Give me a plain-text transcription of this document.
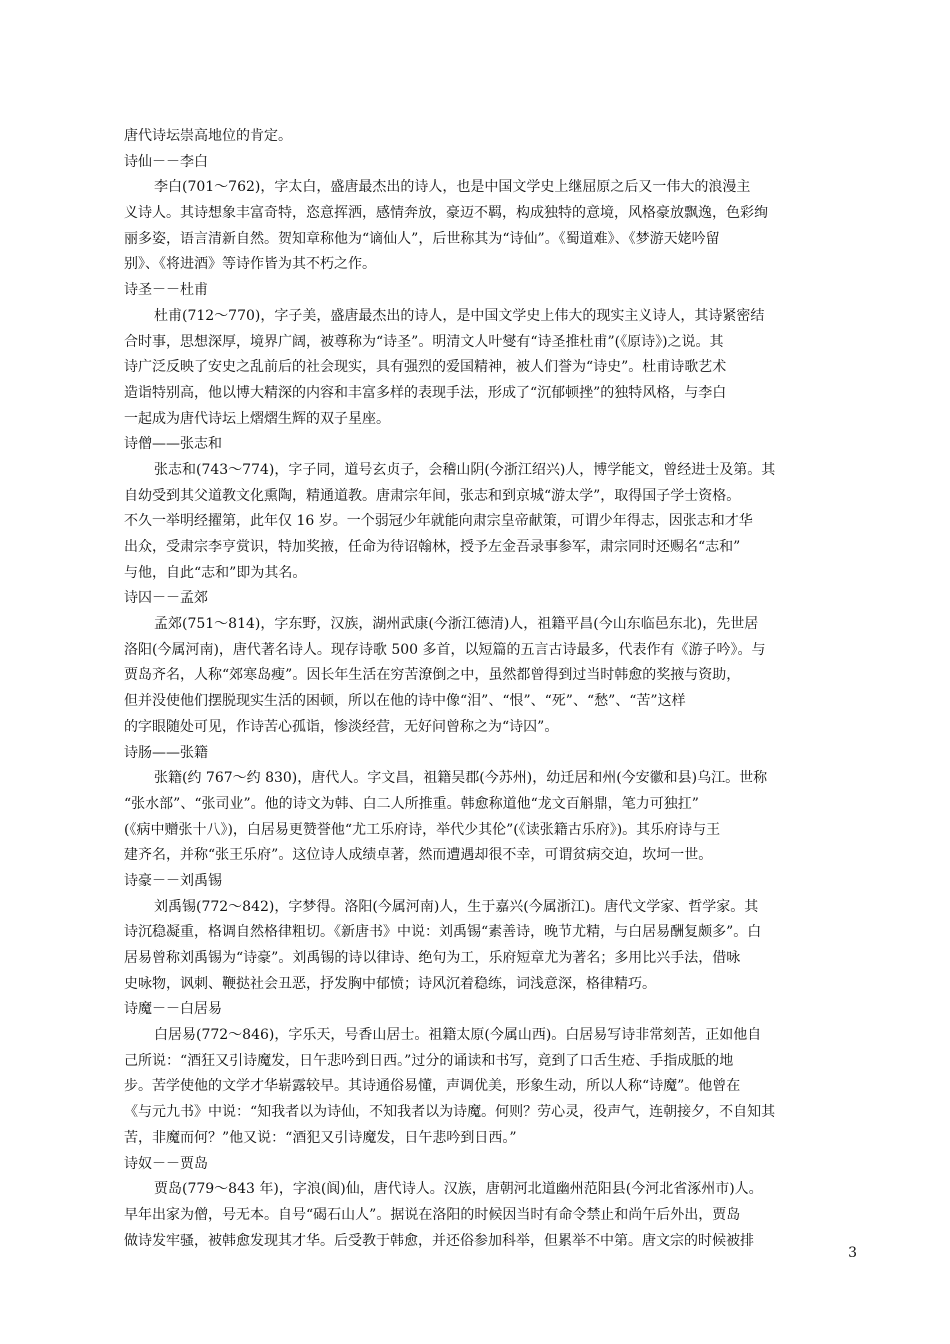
唐代诗坛崇高地位的肯定。
诗仙－－李白
李白(701～762)，字太白，盛唐最杰出的诗人，也是中国文学史上继屈原之后又一伟大的浪漫主
义诗人。其诗想象丰富奇特，恣意挥洒，感情奔放，豪迈不羁，构成独特的意境，风格豪放飘逸，色彩绚
丽多姿，语言清新自然。贺知章称他为“谪仙人”，后世称其为“诗仙”。《蜀道难》、《梦游天姥吟留
别》、《将进酒》等诗作皆为其不朽之作。
诗圣－－杜甫
杜甫(712～770)，字子美，盛唐最杰出的诗人，是中国文学史上伟大的现实主义诗人，其诗紧密结
合时事，思想深厚，境界广阔，被尊称为“诗圣”。明清文人叶燮有“诗圣推杜甫”(《原诗》)之说。其
诗广泛反映了安史之乱前后的社会现实，具有强烈的爱国精神，被人们誉为“诗史”。杜甫诗歌艺术
造诣特别高，他以博大精深的内容和丰富多样的表现手法，形成了“沉郁顿挫”的独特风格，与李白
一起成为唐代诗坛上熠熠生辉的双子星座。
诗僧——张志和
张志和(743～774)，字子同，道号玄贞子，会稽山阴(今浙江绍兴)人，博学能文，曾经进士及第。其
自幼受到其父道教文化熏陶，精通道教。唐肃宗年间，张志和到京城“游太学”，取得国子学士资格。
不久一举明经擢第，此年仅 16 岁。一个弱冠少年就能向肃宗皇帝献策，可谓少年得志，因张志和才华
出众，受肃宗李亨赏识，特加奖掖，任命为待诏翰林，授予左金吾录事参军，肃宗同时还赐名“志和”
与他，自此“志和”即为其名。
诗囚－－孟郊
孟郊(751～814)，字东野，汉族，湖州武康(今浙江德清)人，祖籍平昌(今山东临邑东北)，先世居
洛阳(今属河南)，唐代著名诗人。现存诗歌 500 多首，以短篇的五言古诗最多，代表作有《游子吟》。与
贾岛齐名，人称“郊寒岛瘦”。因长年生活在穷苦潦倒之中，虽然都曾得到过当时韩愈的奖掖与资助，
但并没使他们摆脱现实生活的困顿，所以在他的诗中像“泪”、“恨”、“死”、“愁”、“苦”这样
的字眼随处可见，作诗苦心孤诣，惨淡经营，无好问曾称之为“诗囚”。
诗肠——张籍
张籍(约 767～约 830)，唐代人。字文昌，祖籍吴郡(今苏州)，幼迁居和州(今安徽和县)乌江。世称
“张水部”、“张司业”。他的诗文为韩、白二人所推重。韩愈称道他“龙文百斛鼎，笔力可独扛”
(《病中赠张十八》)，白居易更赞誉他“尤工乐府诗，举代少其伦”(《读张籍古乐府》)。其乐府诗与王
建齐名，并称“张王乐府”。这位诗人成绩卓著，然而遭遇却很不幸，可谓贫病交迫，坎坷一世。
诗豪－－刘禹锡
刘禹锡(772～842)，字梦得。洛阳(今属河南)人，生于嘉兴(今属浙江)。唐代文学家、哲学家。其
诗沉稳凝重，格调自然格律粗切。《新唐书》中说：刘禹锡“素善诗，晚节尤精，与白居易酬复颇多”。白
居易曾称刘禹锡为“诗豪”。刘禹锡的诗以律诗、绝句为工，乐府短章尤为著名；多用比兴手法，借咏
史咏物，讽刺、鞭挞社会丑恶，抒发胸中郁愤；诗风沉着稳练，词浅意深，格律精巧。
诗魔－－白居易
白居易(772～846)，字乐天，号香山居士。祖籍太原(今属山西)。白居易写诗非常刻苦，正如他自
己所说：“酒狂又引诗魔发，日午悲吟到日西。”过分的诵读和书写，竟到了口舌生疮、手指成胝的地
步。苦学使他的文学才华崭露较早。其诗通俗易懂，声调优美，形象生动，所以人称“诗魔”。他曾在
《与元九书》中说：“知我者以为诗仙，不知我者以为诗魔。何则？劳心灵，役声气，连朝接夕，不自知其
苦，非魔而何？”他又说：“酒犯又引诗魔发，日午悲吟到日西。”
诗奴－－贾岛
贾岛(779～843 年)，字浪(阆)仙，唐代诗人。汉族，唐朝河北道幽州范阳县(今河北省涿州市)人。
早年出家为僧，号无本。自号“碣石山人”。据说在洛阳的时候因当时有命令禁止和尚午后外出，贾岛
做诗发牢骚，被韩愈发现其才华。后受教于韩愈，并还俗参加科举，但累举不中第。唐文宗的时候被排
3
